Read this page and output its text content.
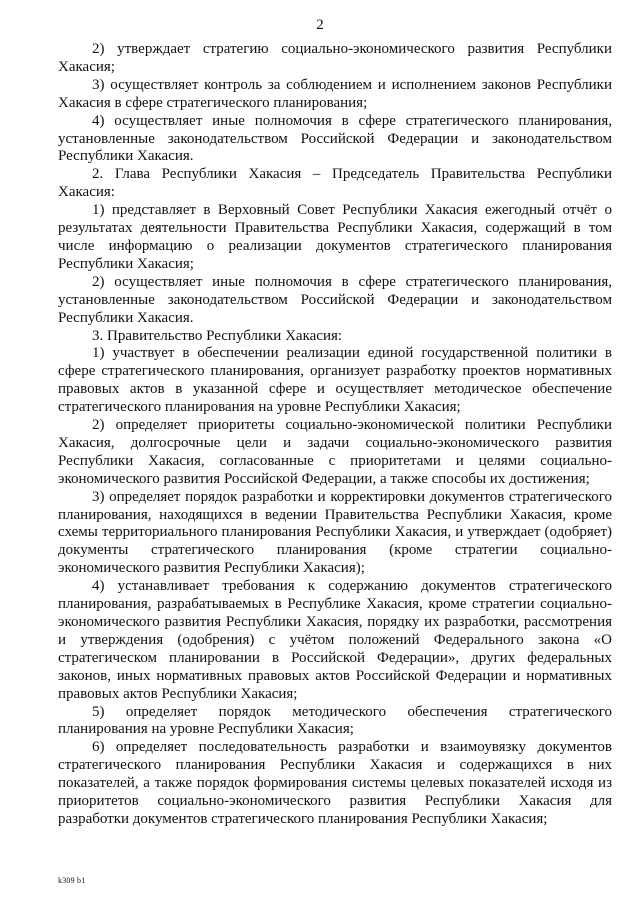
2

2) утверждает стратегию социально-экономического развития Республики Хакасия;

3) осуществляет контроль за соблюдением и исполнением законов Республики Хакасия в сфере стратегического планирования;

4) осуществляет иные полномочия в сфере стратегического планирования, установленные законодательством Российской Федерации и законодательством Республики Хакасия.

2. Глава Республики Хакасия – Председатель Правительства Республики Хакасия:

1) представляет в Верховный Совет Республики Хакасия ежегодный отчёт о результатах деятельности Правительства Республики Хакасия, содержащий в том числе информацию о реализации документов стратегического планирования Республики Хакасия;

2) осуществляет иные полномочия в сфере стратегического планирования, установленные законодательством Российской Федерации и законодательством Республики Хакасия.

3. Правительство Республики Хакасия:

1) участвует в обеспечении реализации единой государственной политики в сфере стратегического планирования, организует разработку проектов нормативных правовых актов в указанной сфере и осуществляет методическое обеспечение стратегического планирования на уровне Республики Хакасия;

2) определяет приоритеты социально-экономической политики Республики Хакасия, долгосрочные цели и задачи социально-экономического развития Республики Хакасия, согласованные с приоритетами и целями социально-экономического развития Российской Федерации, а также способы их достижения;

3) определяет порядок разработки и корректировки документов стратегического планирования, находящихся в ведении Правительства Республики Хакасия, кроме схемы территориального планирования Республики Хакасия, и утверждает (одобряет) документы стратегического планирования (кроме стратегии социально-экономического развития Республики Хакасия);

4) устанавливает требования к содержанию документов стратегического планирования, разрабатываемых в Республике Хакасия, кроме стратегии социально-экономического развития Республики Хакасия, порядку их разработки, рассмотрения и утверждения (одобрения) с учётом положений Федерального закона «О стратегическом планировании в Российской Федерации», других федеральных законов, иных нормативных правовых актов Российской Федерации и нормативных правовых актов Республики Хакасия;

5) определяет порядок методического обеспечения стратегического планирования на уровне Республики Хакасия;

6) определяет последовательность разработки и взаимоувязку документов стратегического планирования Республики Хакасия и содержащихся в них показателей, а также порядок формирования системы целевых показателей исходя из приоритетов социально-экономического развития Республики Хакасия для разработки документов стратегического планирования Республики Хакасия;

k309 b1
